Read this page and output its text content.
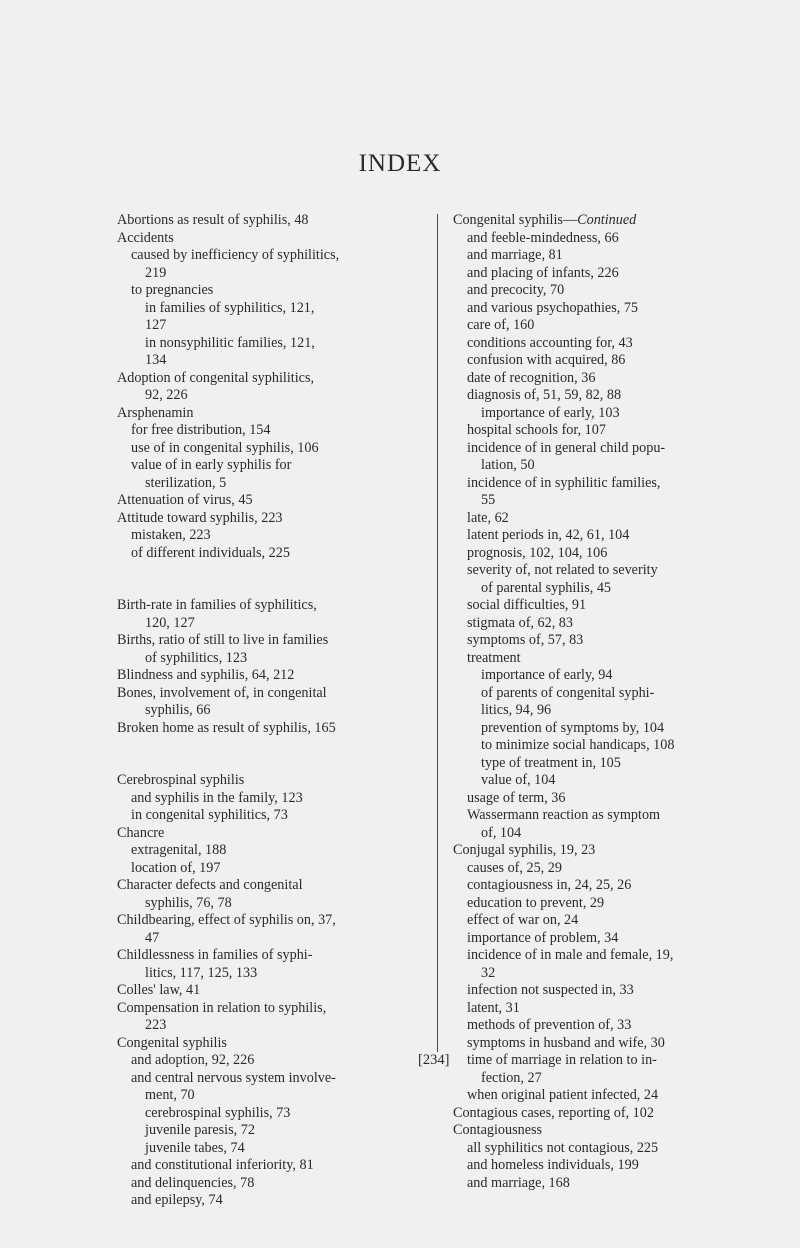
INDEX
Abortions as result of syphilis, 48
Accidents
caused by inefficiency of syphilitics,
219
to pregnancies
in families of syphilitics, 121,
127
in nonsyphilitic families, 121,
134
Adoption of congenital syphilitics,
92, 226
Arsphenamin
for free distribution, 154
use of in congenital syphilis, 106
value of in early syphilis for
sterilization, 5
Attenuation of virus, 45
Attitude toward syphilis, 223
mistaken, 223
of different individuals, 225
Birth-rate in families of syphilitics,
120, 127
Births, ratio of still to live in families
of syphilitics, 123
Blindness and syphilis, 64, 212
Bones, involvement of, in congenital
syphilis, 66
Broken home as result of syphilis, 165
Cerebrospinal syphilis
and syphilis in the family, 123
in congenital syphilitics, 73
Chancre
extragenital, 188
location of, 197
Character defects and congenital
syphilis, 76, 78
Childbearing, effect of syphilis on, 37,
47
Childlessness in families of syphi-
litics, 117, 125, 133
Colles' law, 41
Compensation in relation to syphilis,
223
Congenital syphilis
and adoption, 92, 226
and central nervous system involve-
ment, 70
cerebrospinal syphilis, 73
juvenile paresis, 72
juvenile tabes, 74
and constitutional inferiority, 81
and delinquencies, 78
and epilepsy, 74
Congenital syphilis—Continued
and feeble-mindedness, 66
and marriage, 81
and placing of infants, 226
and precocity, 70
and various psychopathies, 75
care of, 160
conditions accounting for, 43
confusion with acquired, 86
date of recognition, 36
diagnosis of, 51, 59, 82, 88
importance of early, 103
hospital schools for, 107
incidence of in general child popu-
lation, 50
incidence of in syphilitic families,
55
late, 62
latent periods in, 42, 61, 104
prognosis, 102, 104, 106
severity of, not related to severity
of parental syphilis, 45
social difficulties, 91
stigmata of, 62, 83
symptoms of, 57, 83
treatment
importance of early, 94
of parents of congenital syphi-
litics, 94, 96
prevention of symptoms by, 104
to minimize social handicaps, 108
type of treatment in, 105
value of, 104
usage of term, 36
Wassermann reaction as symptom
of, 104
Conjugal syphilis, 19, 23
causes of, 25, 29
contagiousness in, 24, 25, 26
education to prevent, 29
effect of war on, 24
importance of problem, 34
incidence of in male and female, 19,
32
infection not suspected in, 33
latent, 31
methods of prevention of, 33
symptoms in husband and wife, 30
time of marriage in relation to in-
fection, 27
when original patient infected, 24
Contagious cases, reporting of, 102
Contagiousness
all syphilitics not contagious, 225
and homeless individuals, 199
and marriage, 168
[234]
